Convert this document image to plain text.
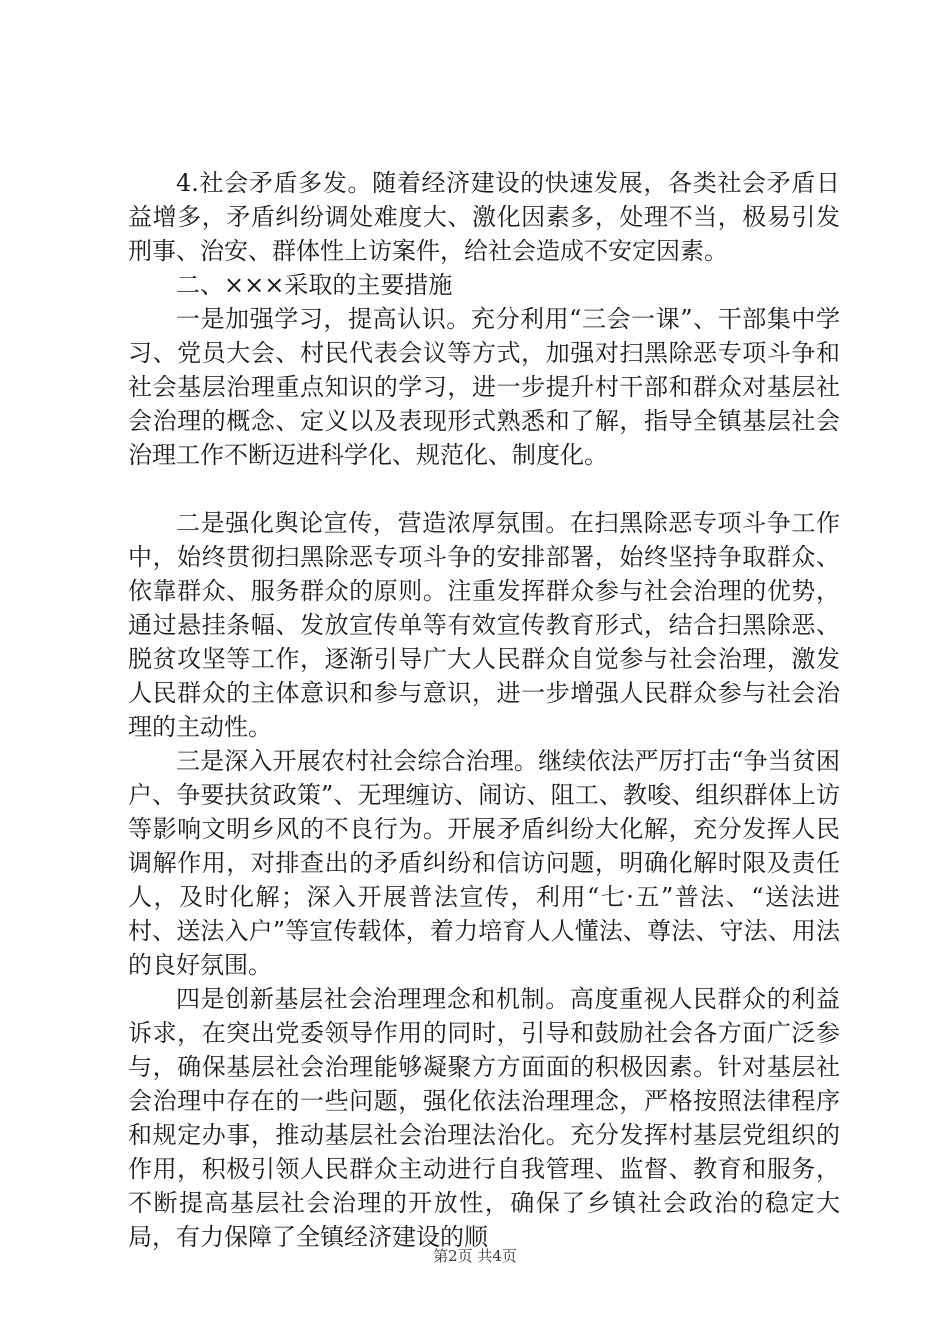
4.社会矛盾多发。随着经济建设的快速发展，各类社会矛盾日益增多，矛盾纠纷调处难度大、激化因素多，处理不当，极易引发刑事、治安、群体性上访案件，给社会造成不安定因素。

二、×××采取的主要措施

一是加强学习，提高认识。充分利用“三会一课”、干部集中学习、党员大会、村民代表会议等方式，加强对扫黑除恶专项斗争和社会基层治理重点知识的学习，进一步提升村干部和群众对基层社会治理的概念、定义以及表现形式熟悉和了解，指导全镇基层社会治理工作不断迈进科学化、规范化、制度化。

二是强化舆论宣传，营造浓厚氛围。在扫黑除恶专项斗争工作中，始终贯彻扫黑除恶专项斗争的安排部署，始终坚持争取群众、依靠群众、服务群众的原则。注重发挥群众参与社会治理的优势，通过悬挂条幅、发放宣传单等有效宣传教育形式，结合扫黑除恶、脱贫攻坚等工作，逐渐引导广大人民群众自觉参与社会治理，激发人民群众的主体意识和参与意识，进一步增强人民群众参与社会治理的主动性。

三是深入开展农村社会综合治理。继续依法严厉打击“争当贫困户、争要扶贫政策”、无理缠访、闹访、阻工、教唆、组织群体上访等影响文明乡风的不良行为。开展矛盾纠纷大化解，充分发挥人民调解作用，对排查出的矛盾纠纷和信访问题，明确化解时限及责任人，及时化解；深入开展普法宣传，利用“七·五”普法、“送法进村、送法入户”等宣传载体，着力培育人人懂法、尊法、守法、用法的良好氛围。

四是创新基层社会治理理念和机制。高度重视人民群众的利益诉求，在突出党委领导作用的同时，引导和鼓励社会各方面广泛参与，确保基层社会治理能够凝聚方方面面的积极因素。针对基层社会治理中存在的一些问题，强化依法治理理念，严格按照法律程序和规定办事，推动基层社会治理法治化。充分发挥村基层党组织的作用，积极引领人民群众主动进行自我管理、监督、教育和服务，不断提高基层社会治理的开放性，确保了乡镇社会政治的稳定大局，有力保障了全镇经济建设的顺

第2页 共4页
